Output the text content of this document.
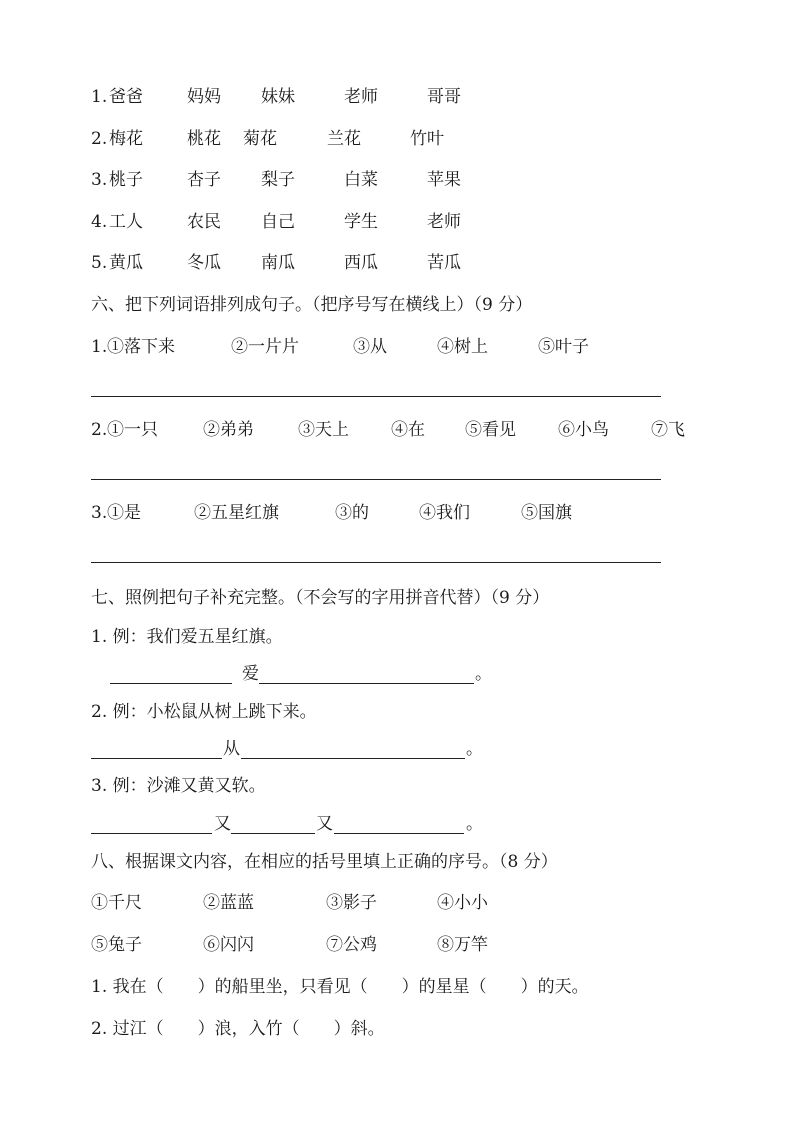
1. 爸爸	妈妈 妹妹	老师	哥哥
2. 梅花	桃花 菊花	兰花	竹叶
3. 桃子	杏子 梨子	白菜	苹果
4. 工人	农民 自己	学生	老师
5. 黄瓜	冬瓜 南瓜	西瓜	苦瓜
六、把下列词语排列成句子。（把序号写在横线上）（9 分）
1. ①落下来	②一片片	③从	④树上	⑤叶子
2. ①一只	②弟弟	③天上 ④在 ⑤看见 ⑥小鸟 ⑦飞
3. ①是	②五星红旗	③的	④我们	⑤国旗
七、照例把句子补充完整。（不会写的字用拼音代替）（9 分）
1. 例：我们爱五星红旗。
爱	。
2. 例：小松鼠从树上跳下来。
从	。
3. 例：沙滩又黄又软。
又	又	。
八、根据课文内容，在相应的括号里填上正确的序号。（8 分）
①千尺	②蓝蓝	③影子	④小小
⑤兔子	⑥闪闪	⑦公鸡	⑧万竿
1. 我在（　　）的船里坐，只看见（　　）的星星（　　）的天。
2. 过江（　　）浪，入竹（　　）斜。
